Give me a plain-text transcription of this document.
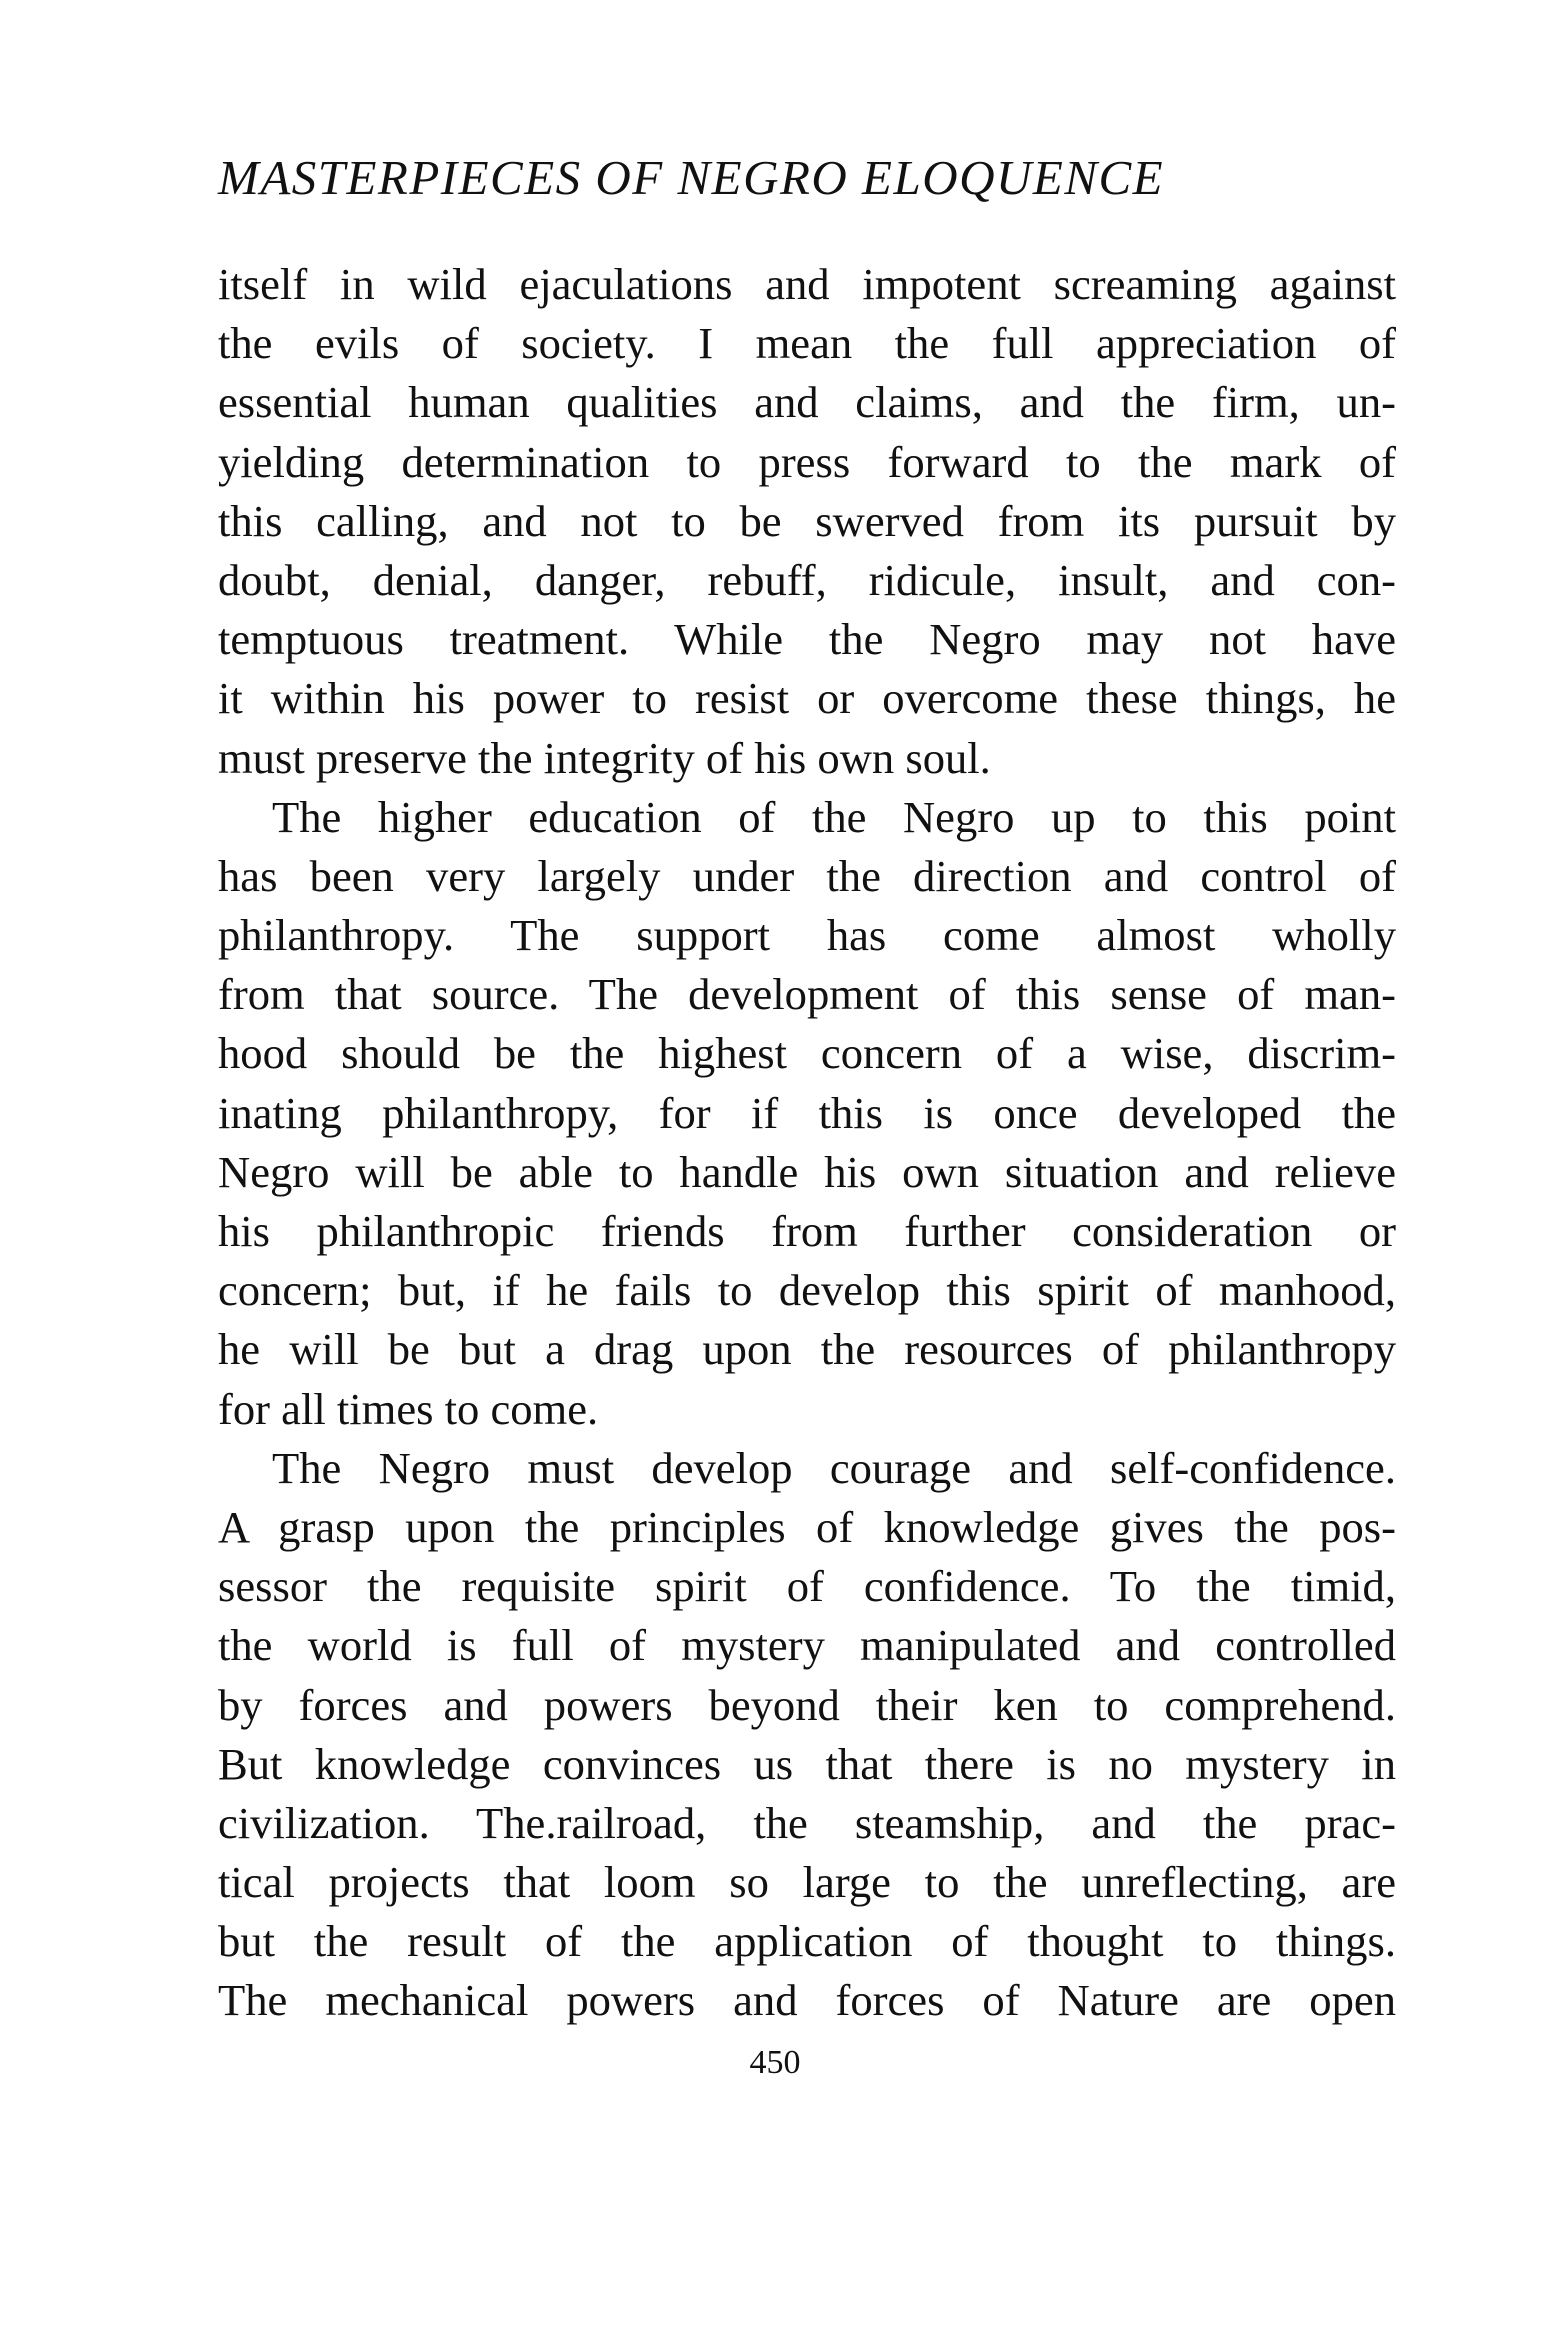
MASTERPIECES OF NEGRO ELOQUENCE
itself in wild ejaculations and impotent screaming against
the evils of society. I mean the full appreciation of
essential human qualities and claims, and the firm, un-
yielding determination to press forward to the mark of
this calling, and not to be swerved from its pursuit by
doubt, denial, danger, rebuff, ridicule, insult, and con-
temptuous treatment. While the Negro may not have
it within his power to resist or overcome these things, he
must preserve the integrity of his own soul.
The higher education of the Negro up to this point
has been very largely under the direction and control of
philanthropy. The support has come almost wholly
from that source. The development of this sense of man-
hood should be the highest concern of a wise, discrim-
inating philanthropy, for if this is once developed the
Negro will be able to handle his own situation and relieve
his philanthropic friends from further consideration or
concern; but, if he fails to develop this spirit of manhood,
he will be but a drag upon the resources of philanthropy
for all times to come.
The Negro must develop courage and self-confidence.
A grasp upon the principles of knowledge gives the pos-
sessor the requisite spirit of confidence. To the timid,
the world is full of mystery manipulated and controlled
by forces and powers beyond their ken to comprehend.
But knowledge convinces us that there is no mystery in
civilization. The.railroad, the steamship, and the prac-
tical projects that loom so large to the unreflecting, are
but the result of the application of thought to things.
The mechanical powers and forces of Nature are open
450
